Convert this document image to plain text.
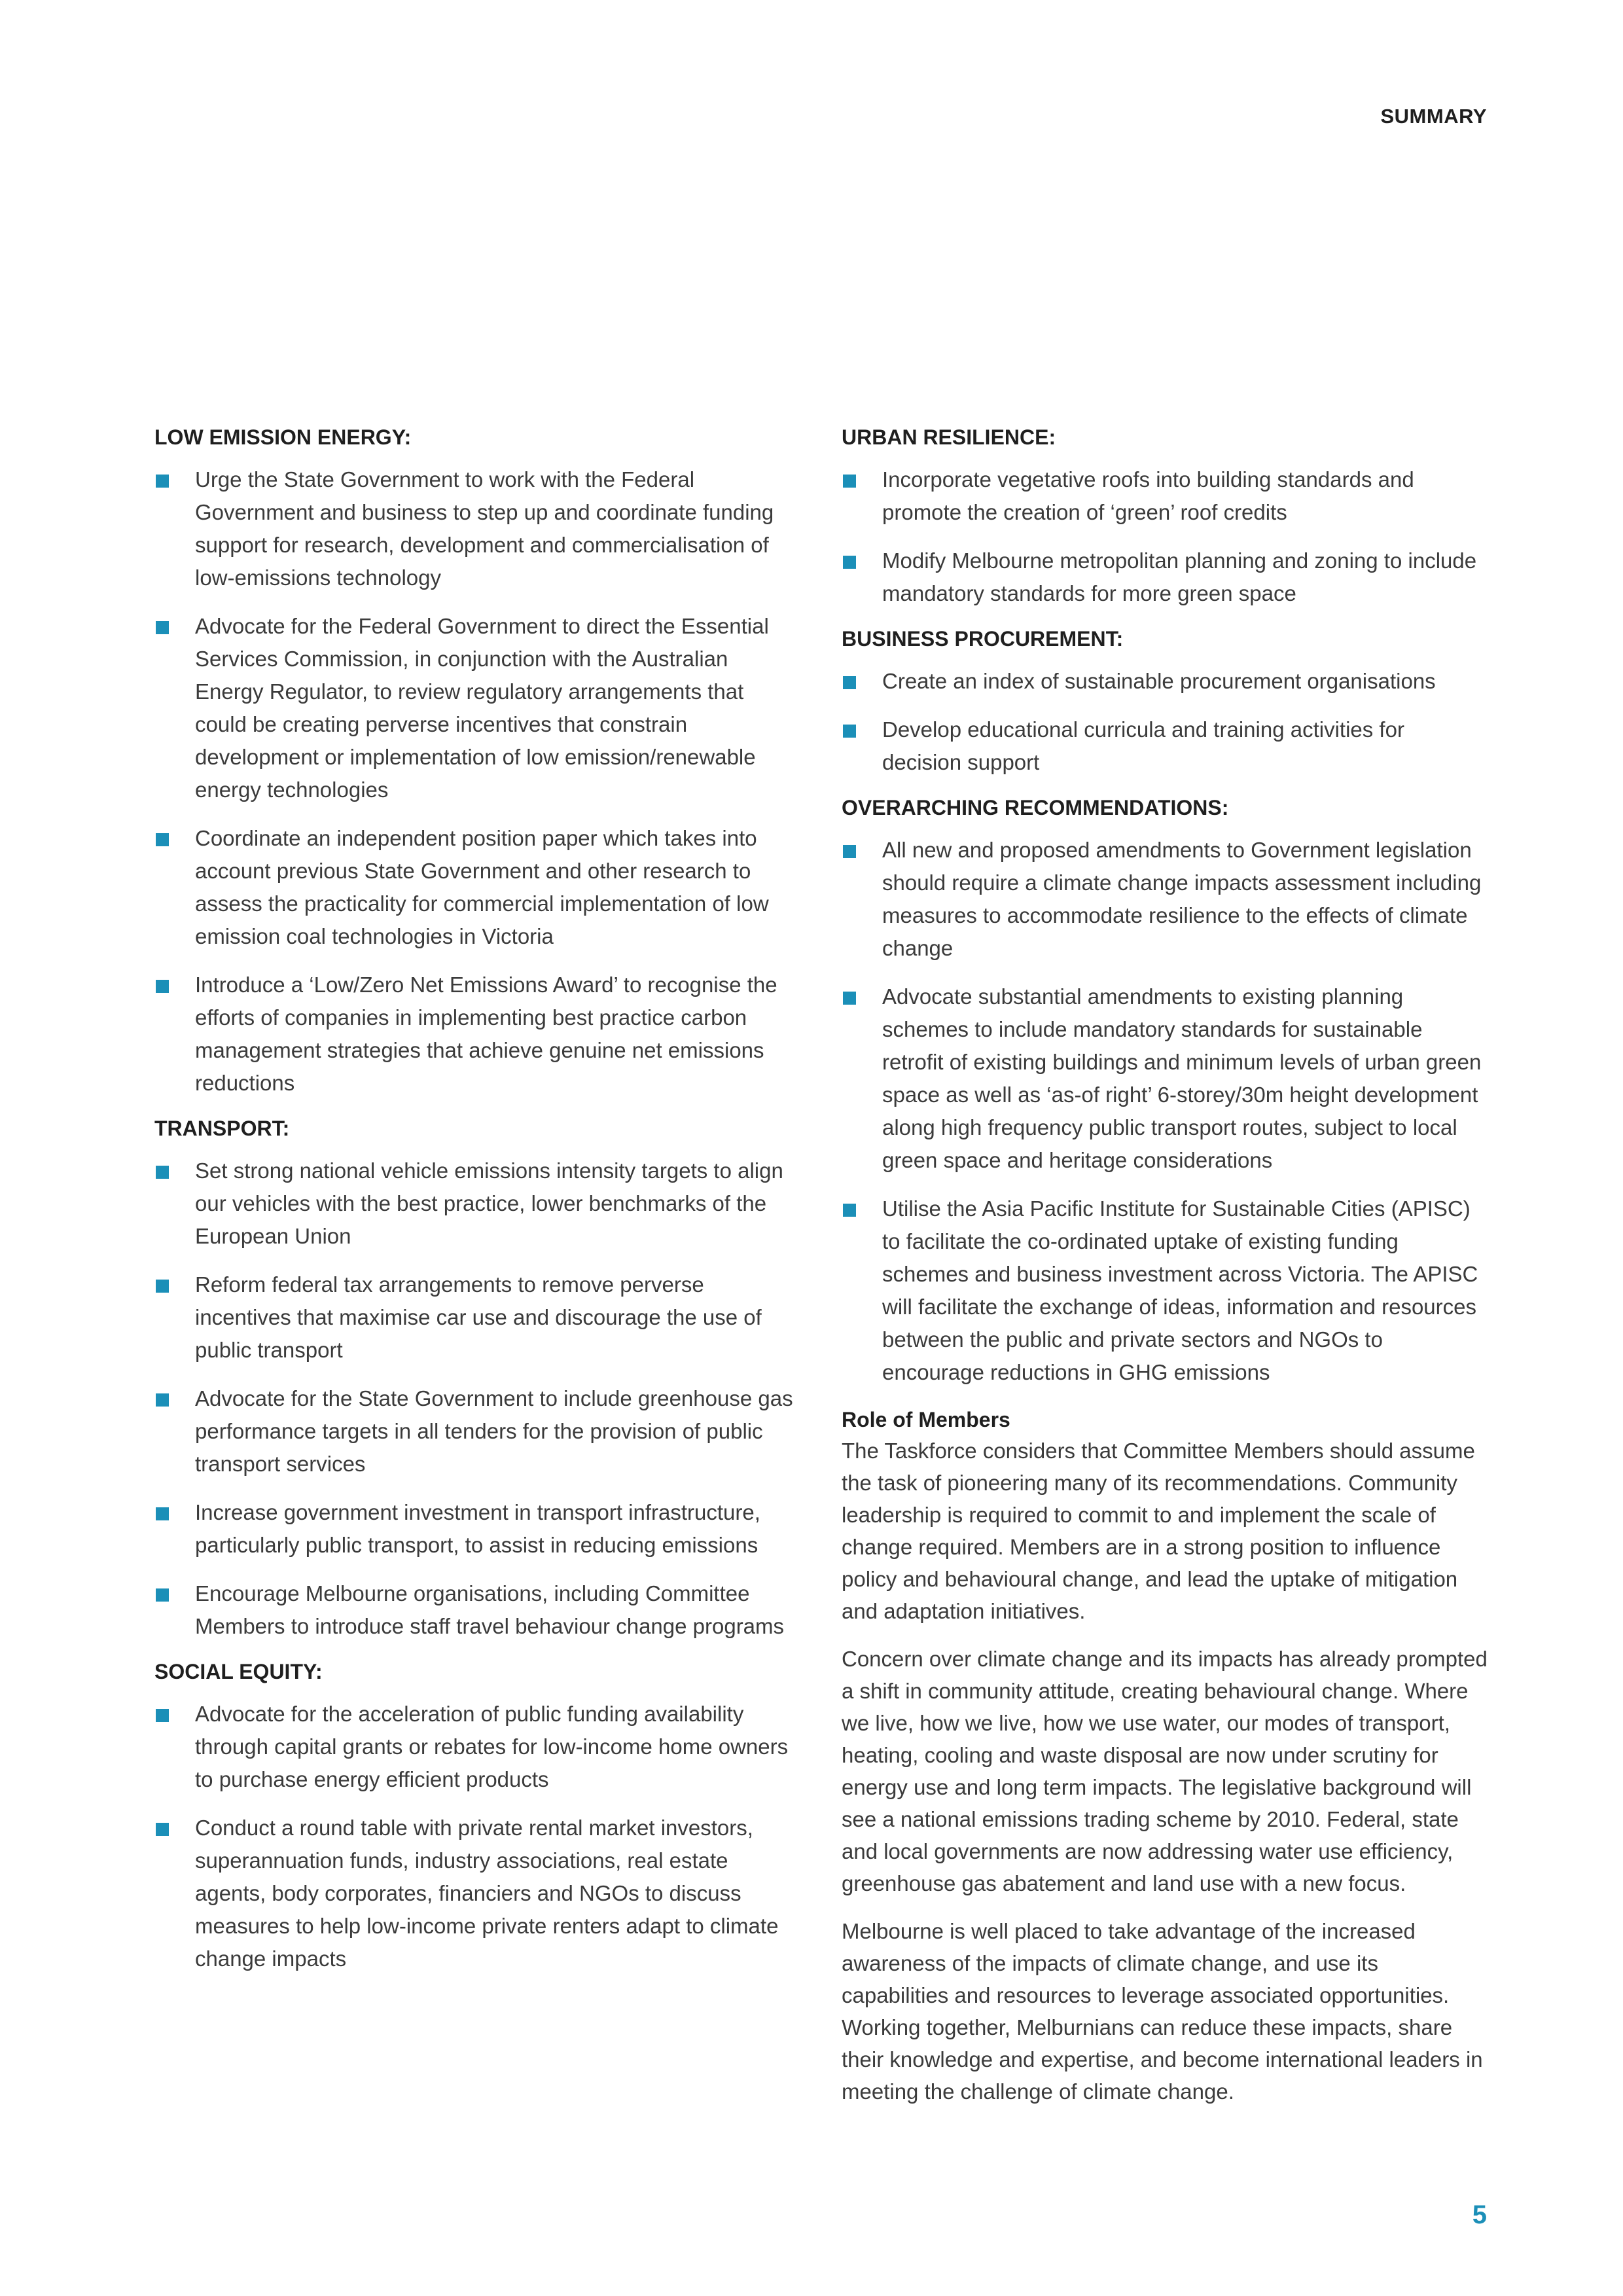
SUMMARY
LOW EMISSION ENERGY:
Urge the State Government to work with the Federal Government and business to step up and coordinate funding support for research, development and commercialisation of low-emissions technology
Advocate for the Federal Government to direct the Essential Services Commission, in conjunction with the Australian Energy Regulator, to review regulatory arrangements that could be creating perverse incentives that constrain development or implementation of low emission/renewable energy technologies
Coordinate an independent position paper which takes into account previous State Government and other research to assess the practicality for commercial implementation of low emission coal technologies in Victoria
Introduce a ‘Low/Zero Net Emissions Award’ to recognise the efforts of companies in implementing best practice carbon management strategies that achieve genuine net emissions reductions
TRANSPORT:
Set strong national vehicle emissions intensity targets to align our vehicles with the best practice, lower benchmarks of the European Union
Reform federal tax arrangements to remove perverse incentives that maximise car use and discourage the use of public transport
Advocate for the State Government to include greenhouse gas performance targets in all tenders for the provision of public transport services
Increase government investment in transport infrastructure, particularly public transport, to assist in reducing emissions
Encourage Melbourne organisations, including Committee Members to introduce staff travel behaviour change programs
SOCIAL EQUITY:
Advocate for the acceleration of public funding availability through capital grants or rebates for low-income home owners to purchase energy efficient products
Conduct a round table with private rental market investors, superannuation funds, industry associations, real estate agents, body corporates, financiers and NGOs to discuss measures to help low-income private renters adapt to climate change impacts
URBAN RESILIENCE:
Incorporate vegetative roofs into building standards and promote the creation of ‘green’ roof credits
Modify Melbourne metropolitan planning and zoning to include mandatory standards for more green space
BUSINESS PROCUREMENT:
Create an index of sustainable procurement organisations
Develop educational curricula and training activities for decision support
OVERARCHING RECOMMENDATIONS:
All new and proposed amendments to Government legislation should require a climate change impacts assessment including measures to accommodate resilience to the effects of climate change
Advocate substantial amendments to existing planning schemes to include mandatory standards for sustainable retrofit of existing buildings and minimum levels of urban green space as well as ‘as-of right’ 6-storey/30m height development along high frequency public transport routes, subject to local green space and heritage considerations
Utilise the Asia Pacific Institute for Sustainable Cities (APISC) to facilitate the co-ordinated uptake of existing funding schemes and business investment across Victoria. The APISC will facilitate the exchange of ideas, information and resources between the public and private sectors and NGOs to encourage reductions in GHG emissions
Role of Members

The Taskforce considers that Committee Members should assume the task of pioneering many of its recommendations. Community leadership is required to commit to and implement the scale of change required. Members are in a strong position to influence policy and behavioural change, and lead the uptake of mitigation and adaptation initiatives.

Concern over climate change and its impacts has already prompted a shift in community attitude, creating behavioural change. Where we live, how we live, how we use water, our modes of transport, heating, cooling and waste disposal are now under scrutiny for energy use and long term impacts. The legislative background will see a national emissions trading scheme by 2010. Federal, state and local governments are now addressing water use efficiency, greenhouse gas abatement and land use with a new focus.

Melbourne is well placed to take advantage of the increased awareness of the impacts of climate change, and use its capabilities and resources to leverage associated opportunities. Working together, Melburnians can reduce these impacts, share their knowledge and expertise, and become international leaders in meeting the challenge of climate change.

5
